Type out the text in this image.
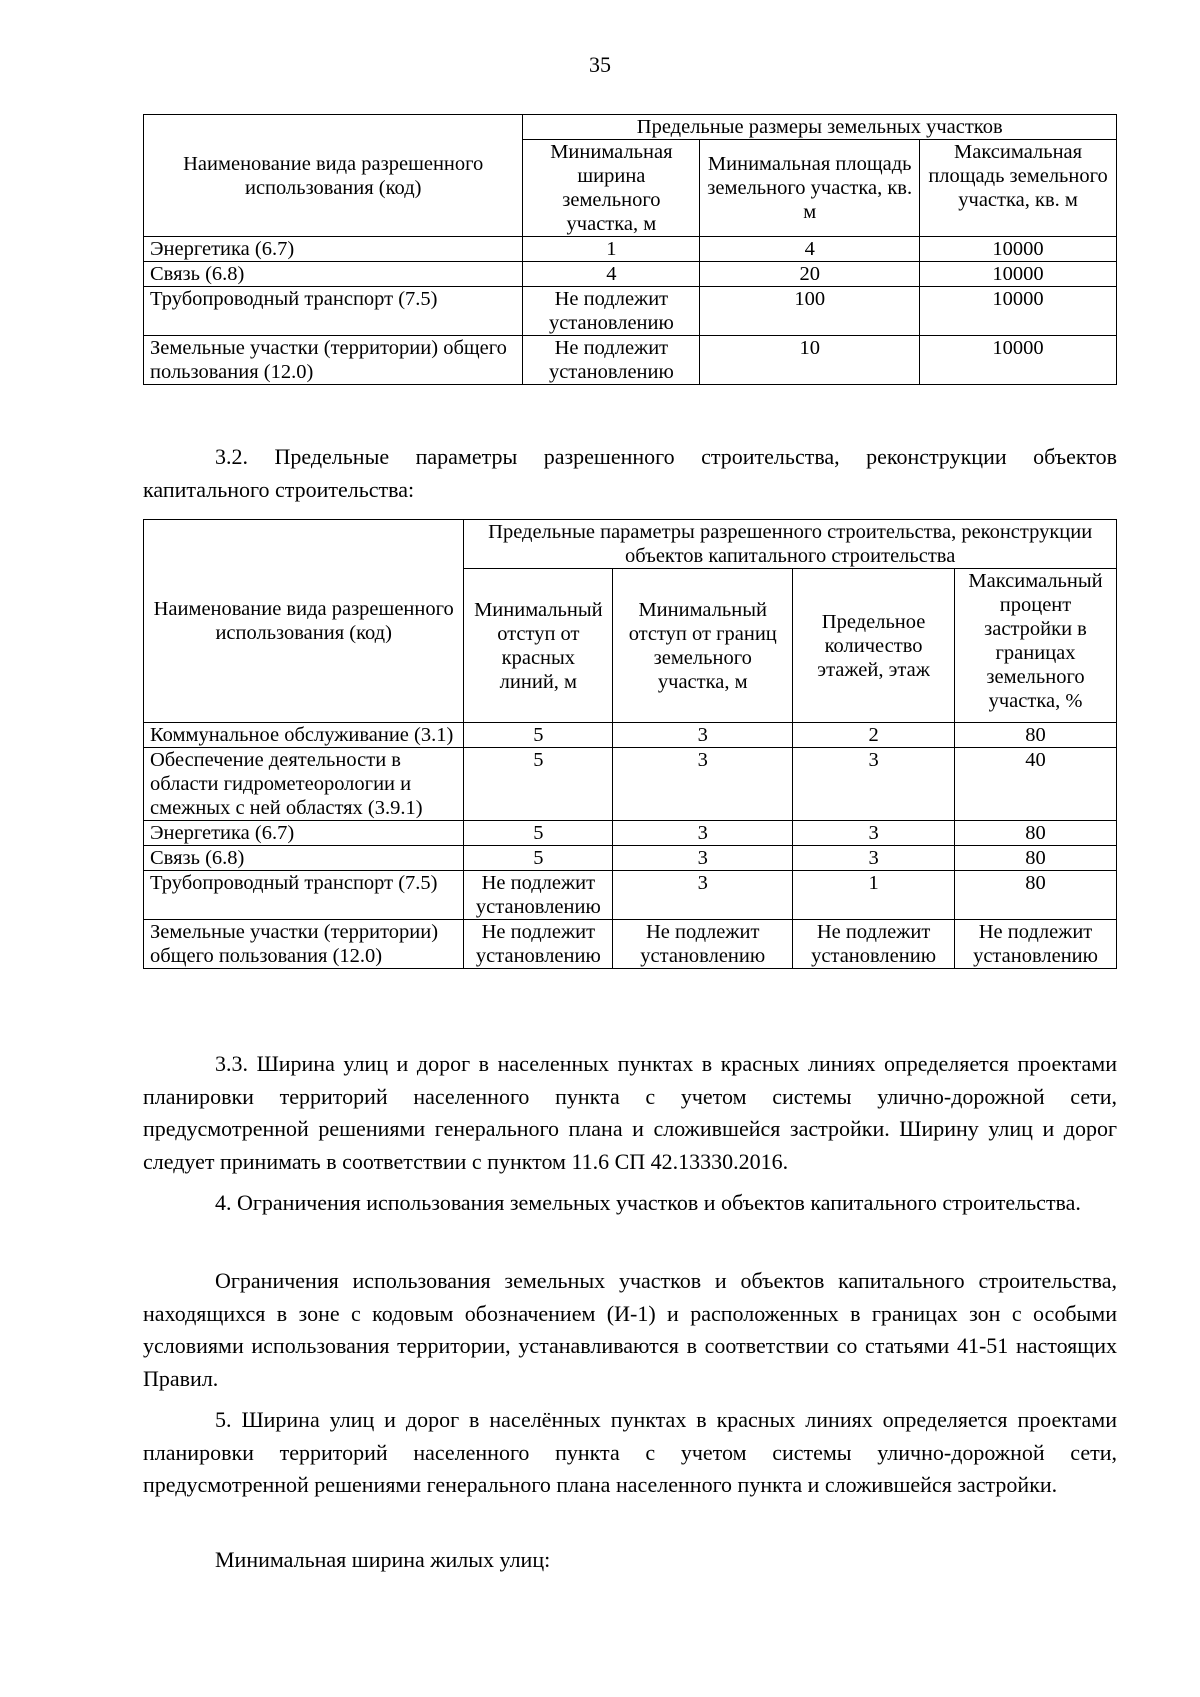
35
Наименование вида разрешенного использования (код)	Предельные размеры земельных участков		
	Минимальная ширина земельного участка, м	Минимальная площадь земельного участка, кв. м	Максимальная площадь земельного участка, кв. м
Энергетика (6.7)	1	4	10000
Связь (6.8)	4	20	10000
Трубопроводный транспорт (7.5)	Не подлежит установлению	100	10000
Земельные участки (территории) общего пользования (12.0)	Не подлежит установлению	10	10000

3.2. Предельные параметры разрешенного строительства, реконструкции объектов капитального строительства:

Наименование вида разрешенного использования (код)	Предельные параметры разрешенного строительства, реконструкции объектов капитального строительства			
	Минимальный отступ от красных линий, м	Минимальный отступ от границ земельного участка, м	Предельное количество этажей, этаж	Максимальный процент застройки в границах земельного участка, %
Коммунальное обслуживание (3.1)	5	3	2	80
Обеспечение деятельности в области гидрометеорологии и смежных с ней областях (3.9.1)	5	3	3	40
Энергетика (6.7)	5	3	3	80
Связь (6.8)	5	3	3	80
Трубопроводный транспорт (7.5)	Не подлежит установлению	3	1	80
Земельные участки (территории) общего пользования (12.0)	Не подлежит установлению	Не подлежит установлению	Не подлежит установлению	Не подлежит установлению

3.3. Ширина улиц и дорог в населенных пунктах в красных линиях определяется проектами планировки территорий населенного пункта с учетом системы улично-дорожной сети, предусмотренной решениями генерального плана и сложившейся застройки. Ширину улиц и дорог следует принимать в соответствии с пунктом 11.6 СП 42.13330.2016.

4. Ограничения использования земельных участков и объектов капитального строительства.

Ограничения использования земельных участков и объектов капитального строительства, находящихся в зоне с кодовым обозначением (И-1) и расположенных в границах зон с особыми условиями использования территории, устанавливаются в соответствии со статьями 41-51 настоящих Правил.

5. Ширина улиц и дорог в населённых пунктах в красных линиях определяется проектами планировки территорий населенного пункта с учетом системы улично-дорожной сети, предусмотренной решениями генерального плана населенного пункта и сложившейся застройки.

Минимальная ширина жилых улиц:
